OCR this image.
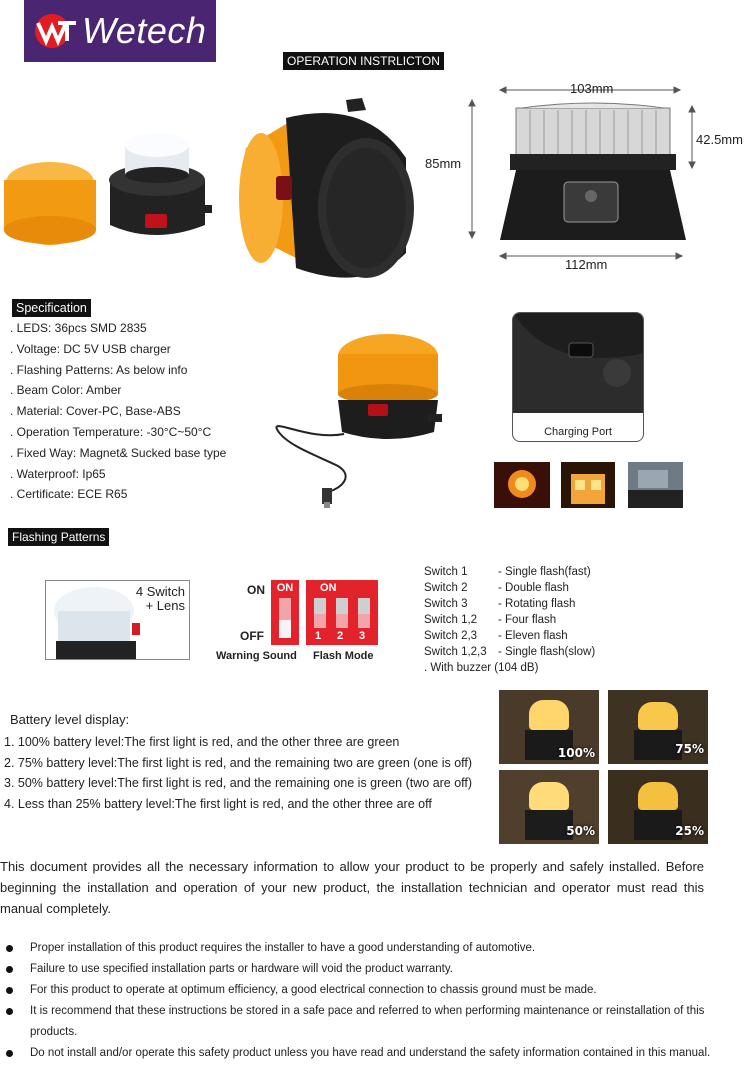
Wetech
OPERATION INSTRLICTON
103mm
112mm
42.5mm
85mm
Specification
. LEDS: 36pcs SMD 2835
. Voltage: DC 5V USB charger
. Flashing Patterns: As below info
. Beam Color: Amber
. Material: Cover-PC, Base-ABS
. Operation Temperature: -30°C~50°C
. Fixed Way: Magnet& Sucked base type
. Waterproof: Ip65
. Certificate: ECE R65
Charging Port
Flashing Patterns
4 Switch
+ Lens
ON
OFF
ON	ON
1 2 3
Warning Sound Flash Mode
Switch 1	- Single flash(fast)
Switch 2	- Double flash
Switch 3	- Rotating flash
Switch 1,2	- Four flash
Switch 2,3	- Eleven flash
Switch 1,2,3 - Single flash(slow)
. With buzzer (104 dB)
Battery level display:
1. 100% battery level:The first light is red, and the other three are green
2. 75% battery level:The first light is red, and the remaining two are green (one is off)
3. 50% battery level:The first light is red, and the remaining one is green (two are off)
4. Less than 25% battery level:The first light is red, and the other three are off
100%	75%
50%	25%
This document provides all the necessary information to allow your product to be properly and safely installed. Before beginning the installation and operation of your new product, the installation technician and operator must read this manual completely.
Proper installation of this product requires the installer to have a good understanding of automotive.
Failure to use specified installation parts or hardware will void the product warranty.
For this product to operate at optimum efficiency, a good electrical connection to chassis ground must be made.
It is recommend that these instructions be stored in a safe pace and referred to when performing maintenance or reinstallation of this products.
Do not install and/or operate this safety product unless you have read and understand the safety information contained in this manual.
